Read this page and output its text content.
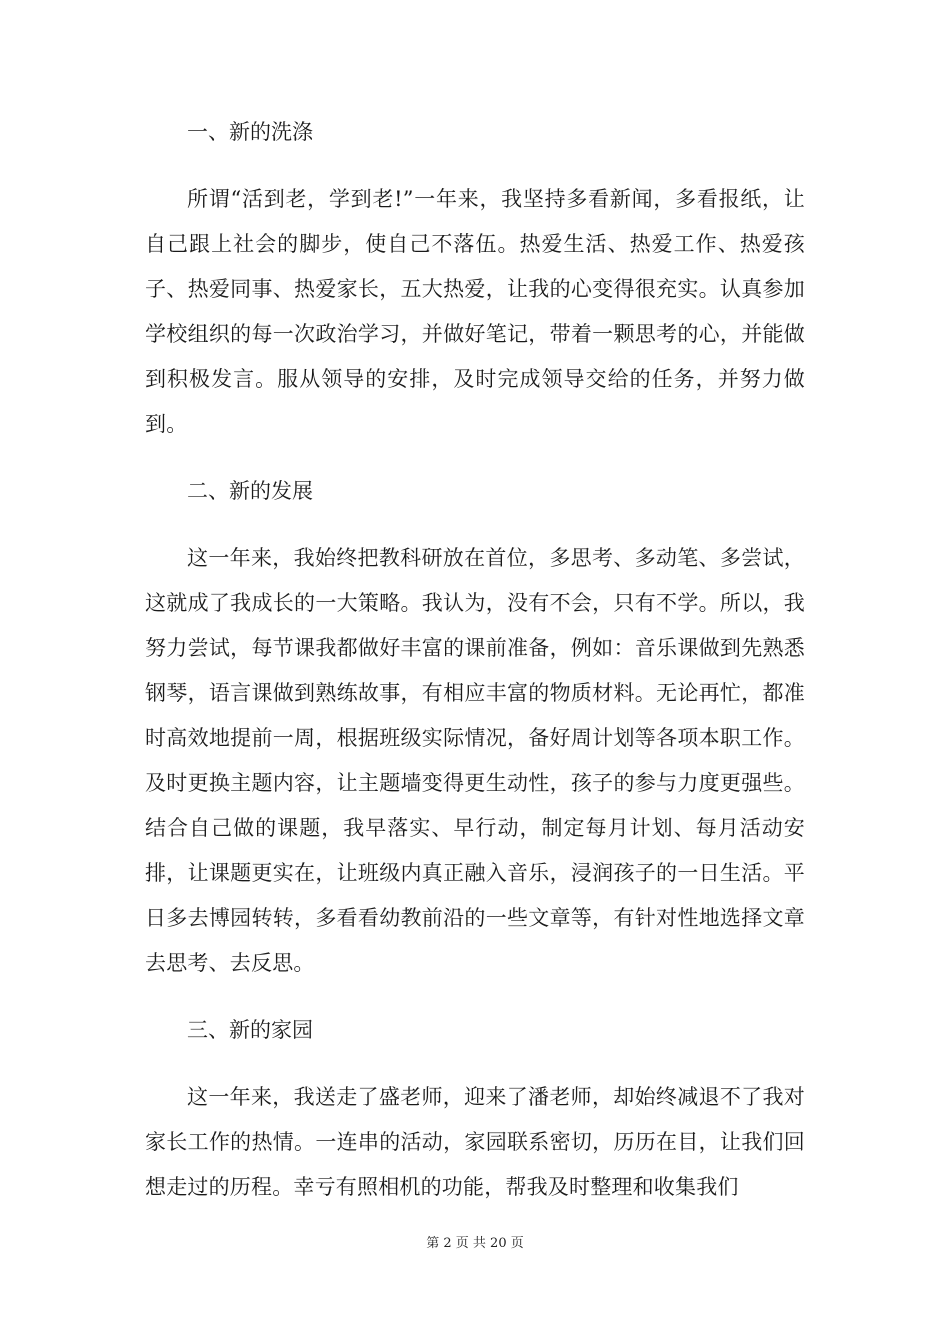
一、新的洗涤

所谓“活到老，学到老!”一年来，我坚持多看新闻，多看报纸，让自己跟上社会的脚步，使自己不落伍。热爱生活、热爱工作、热爱孩子、热爱同事、热爱家长，五大热爱，让我的心变得很充实。认真参加学校组织的每一次政治学习，并做好笔记，带着一颗思考的心，并能做到积极发言。服从领导的安排，及时完成领导交给的任务，并努力做到。

二、新的发展

这一年来，我始终把教科研放在首位，多思考、多动笔、多尝试，这就成了我成长的一大策略。我认为，没有不会，只有不学。所以，我努力尝试，每节课我都做好丰富的课前准备，例如：音乐课做到先熟悉钢琴，语言课做到熟练故事，有相应丰富的物质材料。无论再忙，都准时高效地提前一周，根据班级实际情况，备好周计划等各项本职工作。及时更换主题内容，让主题墙变得更生动性，孩子的参与力度更强些。结合自己做的课题，我早落实、早行动，制定每月计划、每月活动安排，让课题更实在，让班级内真正融入音乐，浸润孩子的一日生活。平日多去博园转转，多看看幼教前沿的一些文章等，有针对性地选择文章去思考、去反思。

三、新的家园

这一年来，我送走了盛老师，迎来了潘老师，却始终减退不了我对家长工作的热情。一连串的活动，家园联系密切，历历在目，让我们回想走过的历程。幸亏有照相机的功能，帮我及时整理和收集我们

第 2 页 共 20 页
